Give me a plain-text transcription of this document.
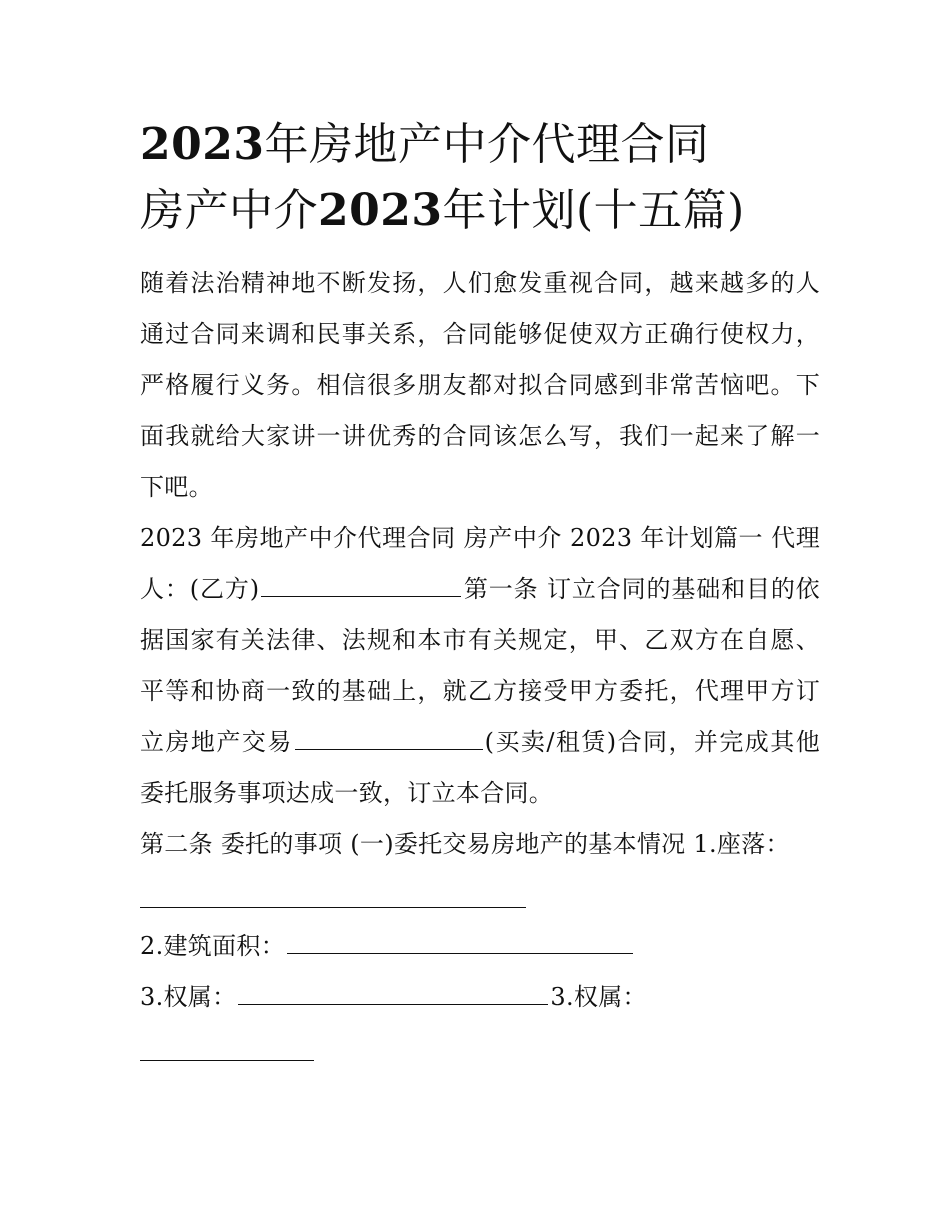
2023年房地产中介代理合同
房产中介2023年计划(十五篇)

随着法治精神地不断发扬，人们愈发重视合同，越来越多的人通过合同来调和民事关系，合同能够促使双方正确行使权力，严格履行义务。相信很多朋友都对拟合同感到非常苦恼吧。下面我就给大家讲一讲优秀的合同该怎么写，我们一起来了解一下吧。

2023 年房地产中介代理合同 房产中介 2023 年计划篇一 代理人：(乙方)	第一条 订立合同的基础和目的依据国家有关法律、法规和本市有关规定，甲、乙双方在自愿、平等和协商一致的基础上，就乙方接受甲方委托，代理甲方订立房地产交易	(买卖/租赁)合同，并完成其他委托服务事项达成一致，订立本合同。

第二条 委托的事项 (一)委托交易房地产的基本情况 1.座落：

2.建筑面积：

3.权属：	3.权属：
